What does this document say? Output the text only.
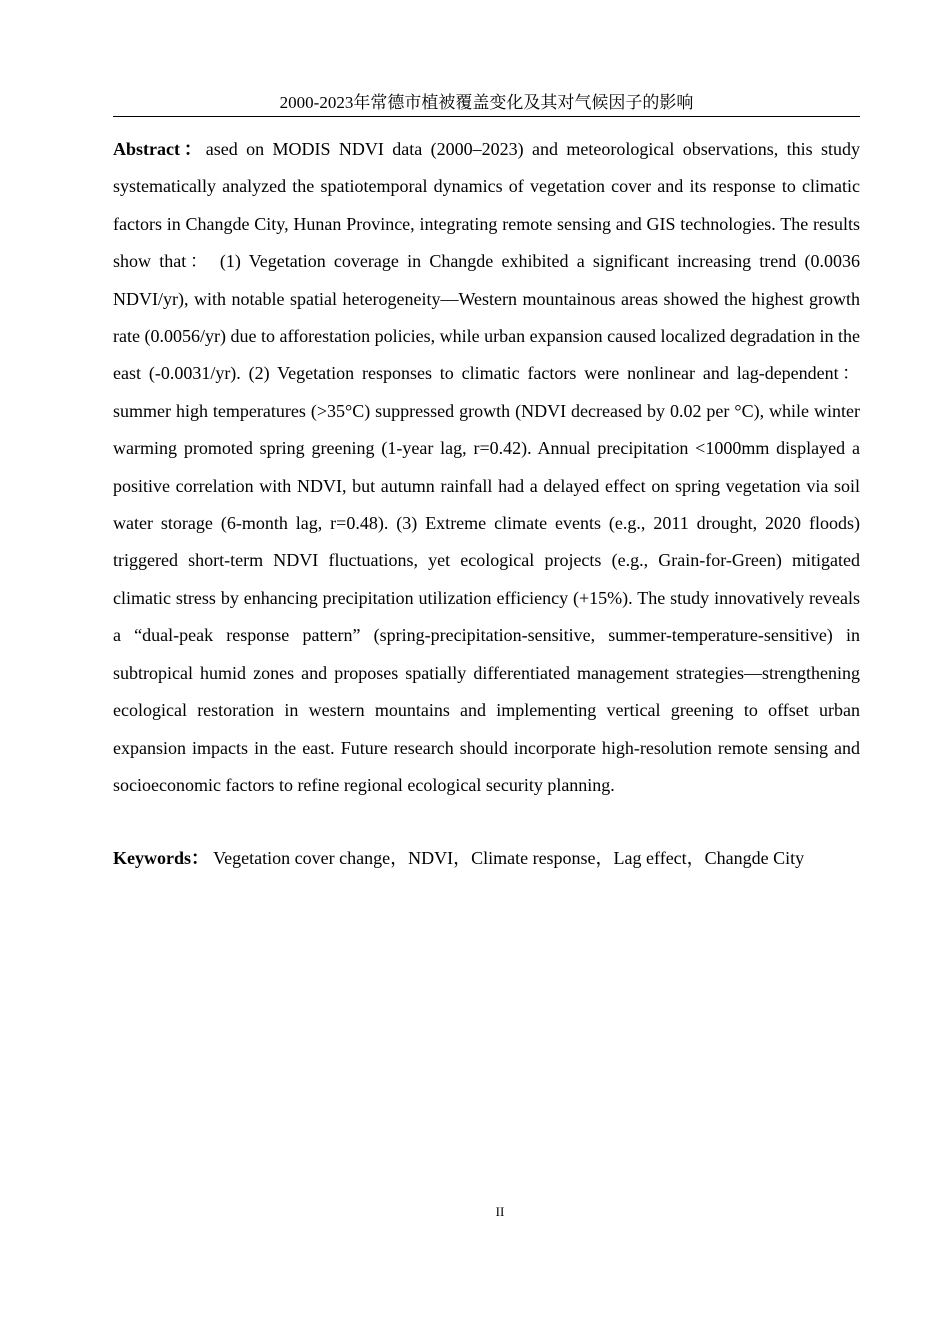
2000-2023年常德市植被覆盖变化及其对气候因子的影响

Abstract：ased on MODIS NDVI data (2000–2023) and meteorological observations, this study systematically analyzed the spatiotemporal dynamics of vegetation cover and its response to climatic factors in Changde City, Hunan Province, integrating remote sensing and GIS technologies. The results show that： (1) Vegetation coverage in Changde exhibited a significant increasing trend (0.0036 NDVI/yr), with notable spatial heterogeneity—Western mountainous areas showed the highest growth rate (0.0056/yr) due to afforestation policies, while urban expansion caused localized degradation in the east (-0.0031/yr). (2) Vegetation responses to climatic factors were nonlinear and lag-dependent： summer high temperatures (>35°C) suppressed growth (NDVI decreased by 0.02 per °C), while winter warming promoted spring greening (1-year lag, r=0.42). Annual precipitation <1000mm displayed a positive correlation with NDVI, but autumn rainfall had a delayed effect on spring vegetation via soil water storage (6-month lag, r=0.48). (3) Extreme climate events (e.g., 2011 drought, 2020 floods) triggered short-term NDVI fluctuations, yet ecological projects (e.g., Grain-for-Green) mitigated climatic stress by enhancing precipitation utilization efficiency (+15%). The study innovatively reveals a “dual-peak response pattern” (spring-precipitation-sensitive, summer-temperature-sensitive) in subtropical humid zones and proposes spatially differentiated management strategies—strengthening ecological restoration in western mountains and implementing vertical greening to offset urban expansion impacts in the east. Future research should incorporate high-resolution remote sensing and socioeconomic factors to refine regional ecological security planning.

Keywords： Vegetation cover change，NDVI，Climate response，Lag effect，Changde City

II
